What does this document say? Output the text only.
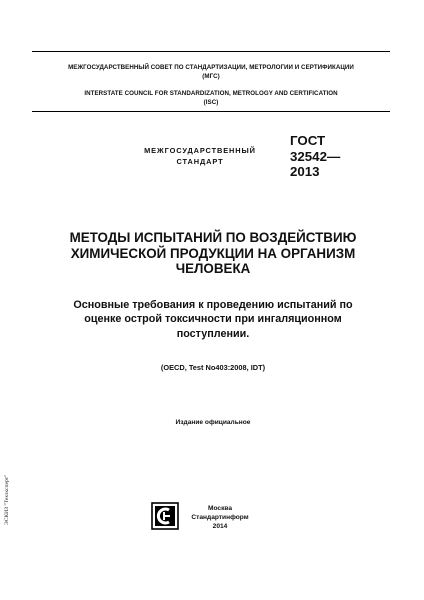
МЕЖГОСУДАРСТВЕННЫЙ СОВЕТ ПО СТАНДАРТИЗАЦИИ, МЕТРОЛОГИИ И СЕРТИФИКАЦИИ
(МГС)
INTERSTATE COUNCIL FOR STANDARDIZATION, METROLOGY AND CERTIFICATION
(ISC)
МЕЖГОСУДАРСТВЕННЫЙ
СТАНДАРТ
ГОСТ
32542—
2013
МЕТОДЫ ИСПЫТАНИЙ ПО ВОЗДЕЙСТВИЮ
ХИМИЧЕСКОЙ ПРОДУКЦИИ НА ОРГАНИЗМ
ЧЕЛОВЕКА
Основные требования к проведению испытаний по
оценке острой токсичности при ингаляционном
поступлении.
(OECD, Test No403:2008, IDT)
Издание официальное
Москва
Стандартинформ
2014
ЭСКИЗ "Техэксперт"
